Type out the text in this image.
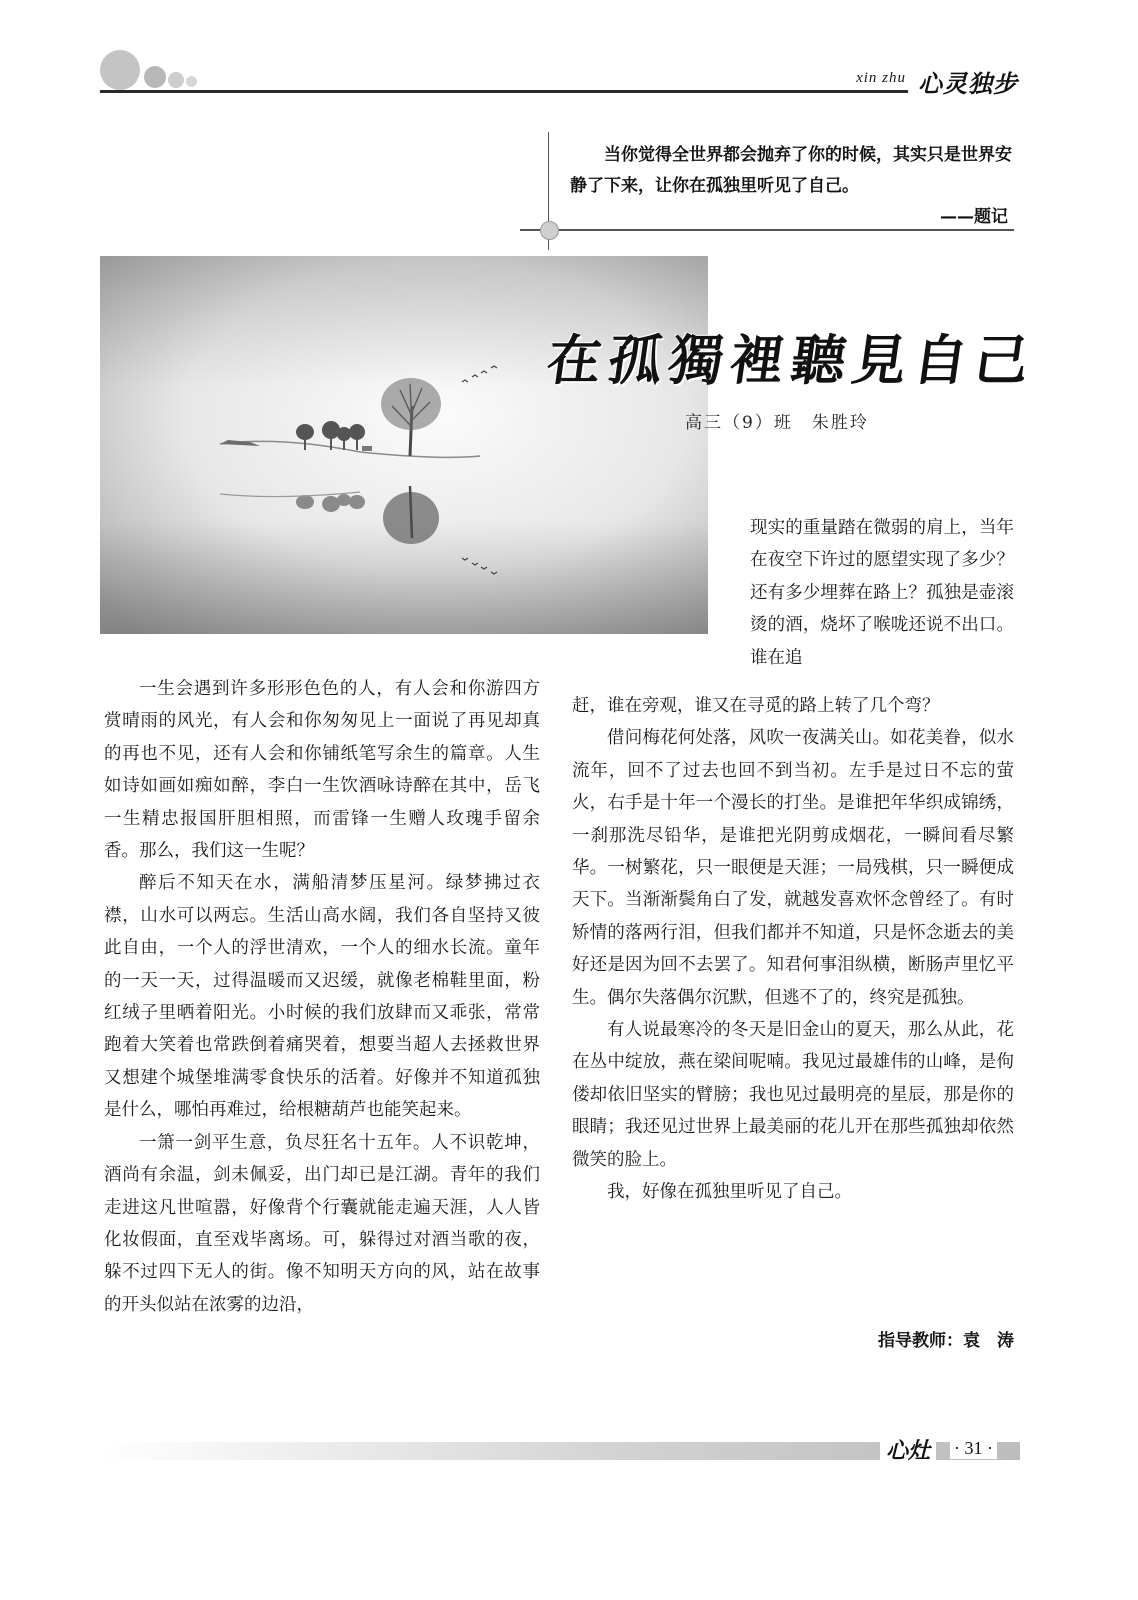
xin zhu 心灵独步
当你觉得全世界都会抛弃了你的时候，其实只是世界安静了下来，让你在孤独里听见了自己。
——题记
在孤獨裡聽見自己
高三（9）班　朱胜玲

现实的重量踏在微弱的肩上，当年在夜空下许过的愿望实现了多少？还有多少埋葬在路上？孤独是壶滚烫的酒，烧坏了喉咙还说不出口。谁在追

赶，谁在旁观，谁又在寻觅的路上转了几个弯？

借问梅花何处落，风吹一夜满关山。如花美眷，似水流年，回不了过去也回不到当初。左手是过日不忘的萤火，右手是十年一个漫长的打坐。是谁把年华织成锦绣，一刹那洗尽铅华，是谁把光阴剪成烟花，一瞬间看尽繁华。一树繁花，只一眼便是天涯；一局残棋，只一瞬便成天下。当渐渐鬓角白了发，就越发喜欢怀念曾经了。有时矫情的落两行泪，但我们都并不知道，只是怀念逝去的美好还是因为回不去罢了。知君何事泪纵横，断肠声里忆平生。偶尔失落偶尔沉默，但逃不了的，终究是孤独。

有人说最寒冷的冬天是旧金山的夏天，那么从此，花在丛中绽放，燕在梁间呢喃。我见过最雄伟的山峰，是佝偻却依旧坚实的臂膀；我也见过最明亮的星辰，那是你的眼睛；我还见过世界上最美丽的花儿开在那些孤独却依然微笑的脸上。

我，好像在孤独里听见了自己。

指导教师：袁　涛

一生会遇到许多形形色色的人，有人会和你游四方赏晴雨的风光，有人会和你匆匆见上一面说了再见却真的再也不见，还有人会和你铺纸笔写余生的篇章。人生如诗如画如痴如醉，李白一生饮酒咏诗醉在其中，岳飞一生精忠报国肝胆相照，而雷锋一生赠人玫瑰手留余香。那么，我们这一生呢？

醉后不知天在水，满船清梦压星河。绿梦拂过衣襟，山水可以两忘。生活山高水阔，我们各自坚持又彼此自由，一个人的浮世清欢，一个人的细水长流。童年的一天一天，过得温暖而又迟缓，就像老棉鞋里面，粉红绒子里晒着阳光。小时候的我们放肆而又乖张，常常跑着大笑着也常跌倒着痛哭着，想要当超人去拯救世界又想建个城堡堆满零食快乐的活着。好像并不知道孤独是什么，哪怕再难过，给根糖葫芦也能笑起来。

一箫一剑平生意，负尽狂名十五年。人不识乾坤，酒尚有余温，剑未佩妥，出门却已是江湖。青年的我们走进这凡世喧嚣，好像背个行囊就能走遍天涯，人人皆化妆假面，直至戏毕离场。可，躲得过对酒当歌的夜，躲不过四下无人的街。像不知明天方向的风，站在故事的开头似站在浓雾的边沿，

心灶	· 31 ·
